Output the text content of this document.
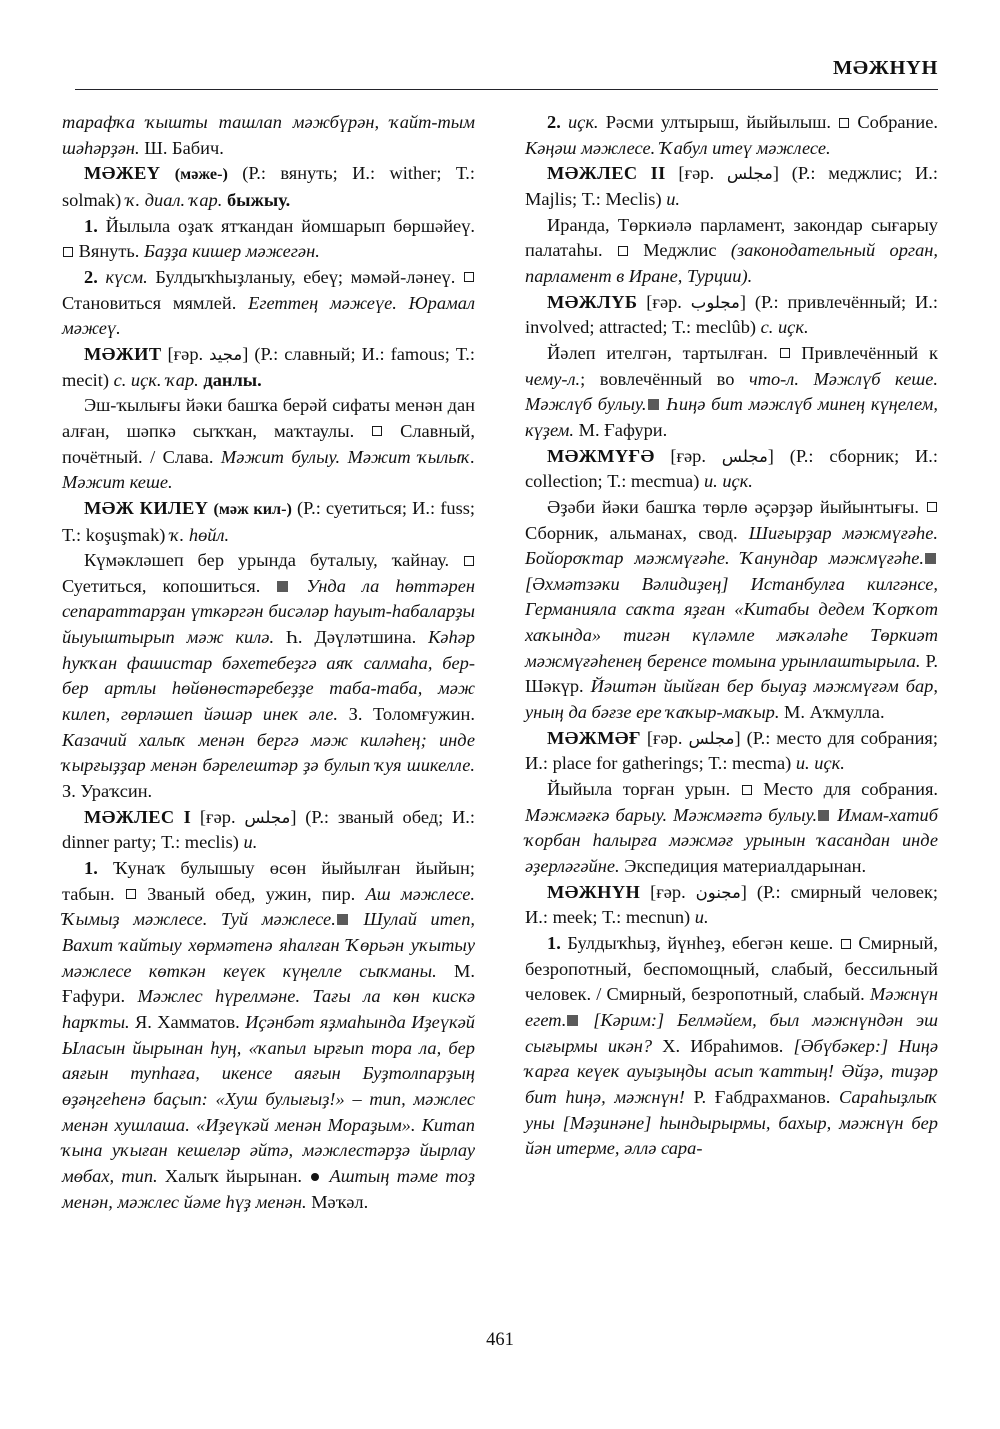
МӘЖНҮН

тарафҡа ҡышты ташлап мәжбүрән, ҡайт-тым шәһәрҙән. Ш. Бабич.

МӘЖЕҮ (мәже-) (Р.: вянуть; И.: wither; Т.: solmak) ҡ. диал. ҡар. быжыу.

1. Йылыла оҙаҡ ятҡандан йомшарып бөршәйеү.  Вянуть. Баҙҙа кишер мәжегән.

2. күсм. Булдыҡһыҙланыу, ебеү; мәмәй-ләнеү.  Становиться мямлей. Егеттең мәжеүе. Юрамал мәжеү.

МӘЖИТ [ғәр. مجيد] (Р.: славный; И.: famous; Т.: mecit) с. иҫк. ҡар. данлы.

Эш-ҡылығы йәки башҡа берәй сифаты менән дан алған, шәпкә сыҡҡан, маҡтаулы.  Славный, почётный. / Слава. Мәжит булыу. Мәжит ҡылыҡ. Мәжит кеше.

МӘЖ КИЛЕҮ (мәж кил-) (Р.: суетиться; И.: fuss; Т.: koşuşmak) ҡ. һөйл.

Күмәкләшеп бер урында буталыу, ҡайнау.  Суетиться, копошиться.  Унда ла һөттәрен сепараттарҙан үткәргән бисәләр һауыт-һабаларҙы йыуыштырып мәж килә. Һ. Дәүләтшина. Кәһәр һуҡҡан фашистар бәхетебеҙгә аяҡ салмаһа, бер-бер артлы һөйөнөстәребеҙҙе таба-таба, мәж килеп, гөрләшеп йәшәр инек әле. З. Толомғужин. Казачий халыҡ менән бергә мәж киләһең; инде ҡырғыҙҙар менән бәрелештәр ҙә булып ҡуя шикелле. З. Ураҡсин.

МӘЖЛЕС I [ғәр. مجلس] (Р.: званый обед; И.: dinner party; Т.: meclis) и.

1. Ҡунаҡ булышыу өсөн йыйылған йыйын; табын.  Званый обед, ужин, пир. Аш мәжлесе. Ҡымыҙ мәжлесе. Туй мәжлесе. Шулай итеп, Вахит ҡайтыу хөрмәтенә яһалған Ҡөрьән уҡытыу мәжлесе көткән кеүек күңелле сыҡманы. М. Ғафури. Мәжлес һүрелмәне. Тағы ла көн кискә һарҡты. Я. Хамматов. Иҫәнбәт яҙмаһында Иҙеүкәй Ыласын йырынан һуң, «ҡапыл ырғып тора ла, бер аяғын тупһаға, икенсе аяғын Буҙтолпарҙың өҙәңгеһенә баҫып: «Хуш булығыҙ!» – тип, мәжлес менән хушлаша. «Иҙеүкәй менән Мораҙым». Китап ҡына уҡыған кешеләр әйтә, мәжлестәрҙә йырлау мөбах, тип. Халыҡ йырынан.  Аштың тәме тоҙ менән, мәжлес йәме һүҙ менән. Мәҡәл.

2. иҫк. Рәсми ултырыш, йыйылыш.  Собрание. Кәңәш мәжлесе. Ҡабул итеү мәжлесе.

МӘЖЛЕС II [ғәр. مجلس] (Р.: меджлис; И.: Majlis; Т.: Meclis) и.

Иранда, Төркиәлә парламент, закондар сығарыу палатаһы.  Меджлис (законодательный орган, парламент в Иране, Турции).

МӘЖЛҮБ [ғәр. مجلوب] (Р.: привлечённый; И.: involved; attracted; Т.: meclûb) с. иҫк.

Йәлеп ителгән, тартылған.  Привлечённый к чему-л.; вовлечённый во что-л. Мәжлүб кеше. Мәжлүб булыу. Һиңә бит мәжлүб минең күңелем, күҙем. М. Ғафури.

МӘЖМҮҒӘ [ғәр. مجلس] (Р.: сборник; И.: collection; Т.: mecmua) и. иҫк.

Әҙәби йәки башҡа төрлө әҫәрҙәр йыйынтығы.  Сборник, альманах, свод. Шиғырҙар мәжмүғәһе. Бойороҡтар мәжмүғәһе. Ҡанундар мәжмүғәһе. [Әхмәтзәки Вәлидиҙең] Истанбулға килгәнсе, Германияла саҡта яҙған «Китабы дедем Ҡорҡот хаҡында» тигән күләмле мәҡәләһе Төркиәт мәжмүғәһенең беренсе томына урынлаштырыла. Р. Шәкүр. Йәштән йыйған бер быуаҙ мәжмүғәм бар, уның да бәғзе ере ҡаҡыр-маҡыр. М. Аҡмулла.

МӘЖМӘҒ [ғәр. مجلس] (Р.: место для собрания; И.: place for gatherings; Т.: mecma) и. иҫк.

Йыйыла торған урын.  Место для собрания. Мәжмәғкә барыу. Мәжмәғтә булыу. Имам-хатиб ҡорбан һалырға мәжмәғ урынын ҡасандан инде әҙерләгәйне. Экспедиция материалдарынан.

МӘЖНҮН [ғәр. مجنون] (Р.: смирный человек; И.: meek; Т.: mecnun) и.

1. Булдыҡһыҙ, йүнһеҙ, ебегән кеше.  Смирный, безропотный, беспомощный, слабый, бессильный человек. / Смирный, безропотный, слабый. Мәжнүн егет. [Кәрим:] Белмәйем, был мәжнүндән эш сығырмы икән? Х. Ибраһимов. [Әбүбәкер:] Ниңә ҡарға кеүек ауыҙыңды асып ҡаттың! Әйҙә, тиҙәр бит һиңә, мәжнүн! Р. Ғабдрахманов. Сараһыҙлыҡ уны [Мәҙинәне] һындырырмы, бахыр, мәжнүн бер йән итерме, әллә сара-

461
